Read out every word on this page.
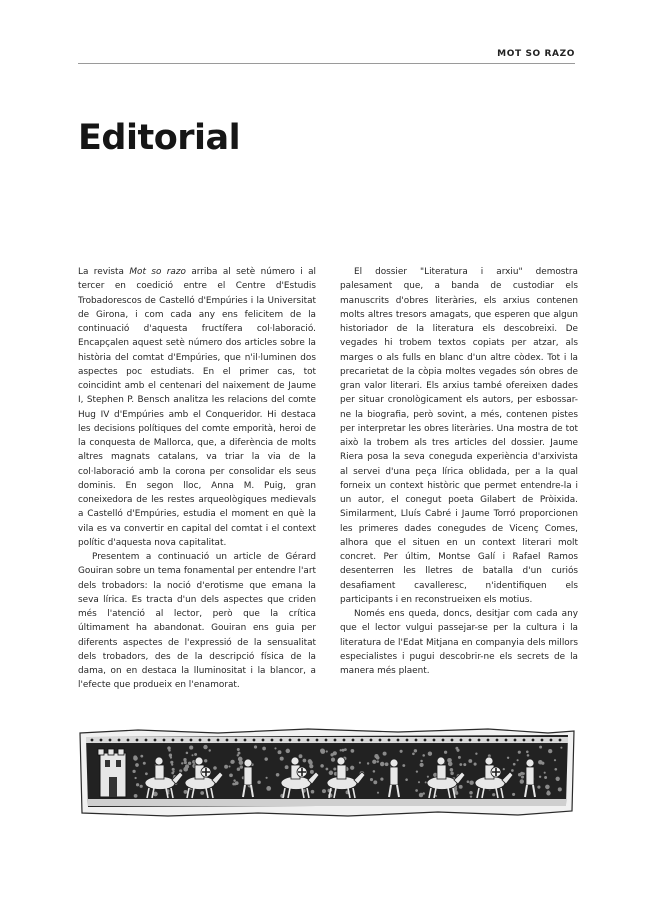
MOT SO RAZO
Editorial

La revista Mot so razo arriba al setè número i al tercer en coedició entre el Centre d'Estudis Trobadorescos de Castelló d'Empúries i la Universitat de Girona, i com cada any ens felicitem de la continuació d'aquesta fructífera col·laboració. Encapçalen aquest setè número dos articles sobre la història del comtat d'Empúries, que n'il·luminen dos aspectes poc estudiats. En el primer cas, tot coincidint amb el centenari del naixement de Jaume I, Stephen P. Bensch analitza les relacions del comte Hug IV d'Empúries amb el Conqueridor. Hi destaca les decisions polítiques del comte emporità, heroi de la conquesta de Mallorca, que, a diferència de molts altres magnats catalans, va triar la via de la col·laboració amb la corona per consolidar els seus dominis. En segon lloc, Anna M. Puig, gran coneixedora de les restes arqueològiques medievals a Castelló d'Empúries, estudia el moment en què la vila es va convertir en capital del comtat i el context polític d'aquesta nova capitalitat.

Presentem a continuació un article de Gérard Gouiran sobre un tema fonamental per entendre l'art dels trobadors: la noció d'erotisme que emana la seva lírica. Es tracta d'un dels aspectes que criden més l'atenció al lector, però que la crítica últimament ha abandonat. Gouiran ens guia per diferents aspectes de l'expressió de la sensualitat dels trobadors, des de la descripció física de la dama, on en destaca la lluminositat i la blancor, a l'efecte que produeix en l'enamorat.

El dossier "Literatura i arxiu" demostra palesament que, a banda de custodiar els manuscrits d'obres literàries, els arxius contenen molts altres tresors amagats, que esperen que algun historiador de la literatura els descobreixi. De vegades hi trobem textos copiats per atzar, als marges o als fulls en blanc d'un altre còdex. Tot i la precarietat de la còpia moltes vegades són obres de gran valor literari. Els arxius també ofereixen dades per situar cronològicament els autors, per esbossar-ne la biografia, però sovint, a més, contenen pistes per interpretar les obres literàries. Una mostra de tot això la trobem als tres articles del dossier. Jaume Riera posa la seva coneguda experiència d'arxivista al servei d'una peça lírica oblidada, per a la qual forneix un context històric que permet entendre-la i un autor, el conegut poeta Gilabert de Pròixida. Similarment, Lluís Cabré i Jaume Torró proporcionen les primeres dades conegudes de Vicenç Comes, alhora que el situen en un context literari molt concret. Per últim, Montse Galí i Rafael Ramos desenterren les lletres de batalla d'un curiós desafiament cavalleresc, n'identifiquen els participants i en reconstrueixen els motius.

Només ens queda, doncs, desitjar com cada any que el lector vulgui passejar-se per la cultura i la literatura de l'Edat Mitjana en companyia dels millors especialistes i pugui descobrir-ne els secrets de la manera més plaent.
